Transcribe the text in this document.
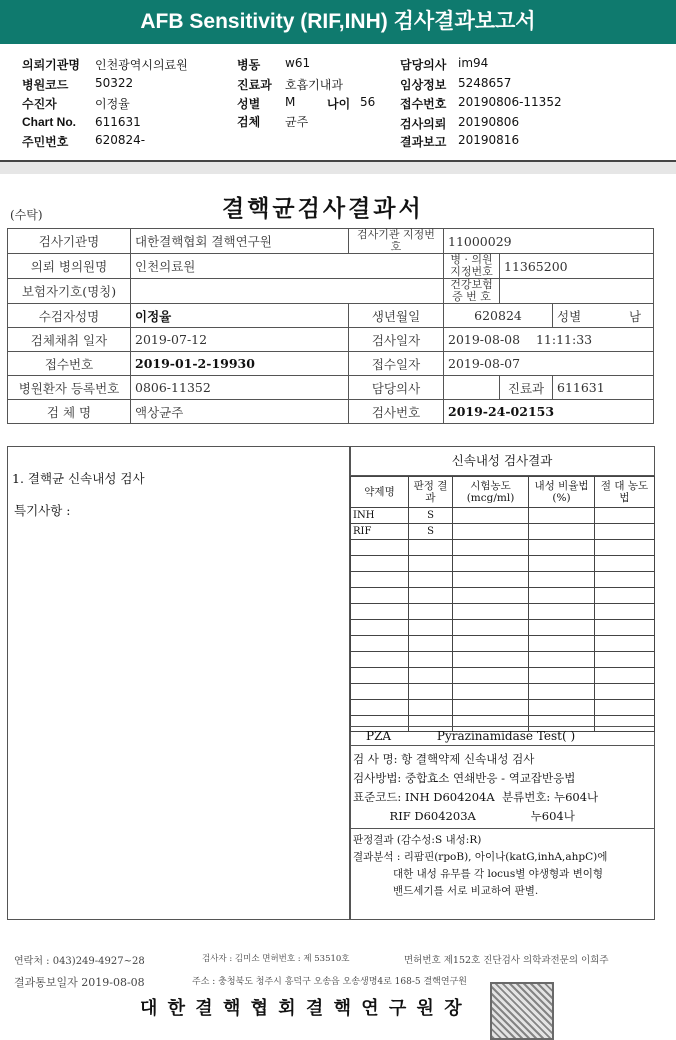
AFB Sensitivity (RIF,INH) 검사결과보고서
의뢰기관명 인천광역시의료원
병원코드 50322
수진자	이정율
Chart No. 611631
주민번호 620824-
병동 w61
진료과 호흡기내과
성별 M	나이 56
검체 균주
담당의사 im94
임상정보 5248657
접수번호 20190806-11352
검사의뢰 20190806
결과보고 20190816
(수탁)	결핵균검사결과서
검사기관명	대한결핵협회 결핵연구원	검사기관 지정번호	11000029		
의뢰 병의원명	인천의료원		병 · 의원 지정번호	11365200	
보험자기호(명칭)			건강보험 증 번 호		
수검자성명	이정율	생년월일	620824		성별 남

검체채취 일자	2019-07-12	검사일자	2019-08-08    11:11:33		
접수번호	2019-01-2-19930	접수일자	2019-08-07		
병원환자 등록번호	0806-11352	담당의사		진료과	611631
검 체 명	액상균주	검사번호	2019-24-02153		
1. 결핵균 신속내성 검사
특기사항 :
신속내성 검사결과
약제명	판정 결과	시험농도 (mcg/ml)	내성 비율법(%)	절 대 농도법
INH	S			
RIF	S			

PZA	Pyrazinamidase Test( )
검 사 명: 항 결핵약제 신속내성 검사
검사방법: 중합효소 연쇄반응 - 역교잡반응법
표준코드: INH D604204A  분류번호: 누604나
RIF D604203A               누604나
판정결과 (감수성:S 내성:R)
결과분석 : 리팜핀(rpoB), 아이나(katG,inhA,ahpC)에
대한 내성 유무를 각 locus별 야생형과 변이형
밴드세기를 서로 비교하여 판별.
연락처 : 043)249-4927~28	검사자 : 김미소 면허번호 : 제 53510호	면허번호 제152호 진단검사 의학과전문의 이희주
결과통보일자 2019-08-08	주소 : 충청북도 청주시 흥덕구 오송읍 오송생명4로 168-5 결핵연구원
대 한 결 핵 협 회 결 핵 연 구 원 장
